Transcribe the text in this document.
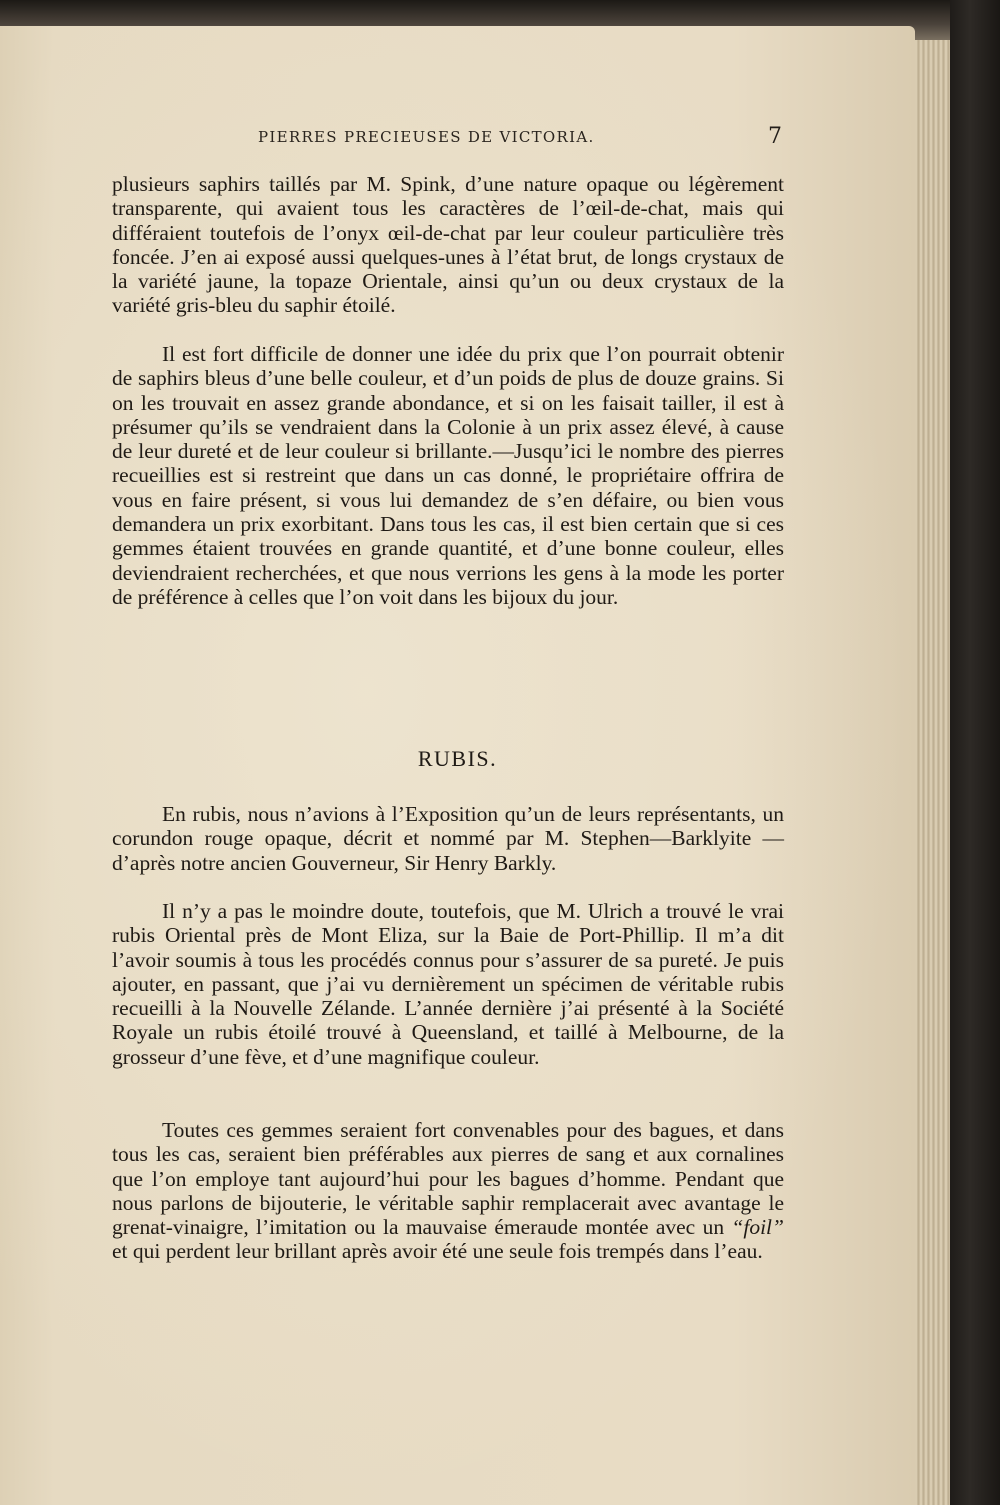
PIERRES PRECIEUSES DE VICTORIA.	7

plusieurs saphirs taillés par M. Spink, d’une nature opaque ou légèrement transparente, qui avaient tous les caractères de l’œil-de-chat, mais qui différaient toutefois de l’onyx œil-de-chat par leur couleur particulière très foncée. J’en ai exposé aussi quelques-unes à l’état brut, de longs crystaux de la variété jaune, la topaze Orientale, ainsi qu’un ou deux crystaux de la variété gris-bleu du saphir étoilé.

Il est fort difficile de donner une idée du prix que l’on pourrait obtenir de saphirs bleus d’une belle couleur, et d’un poids de plus de douze grains. Si on les trouvait en assez grande abondance, et si on les faisait tailler, il est à présumer qu’ils se vendraient dans la Colonie à un prix assez élevé, à cause de leur dureté et de leur couleur si brillante.—Jusqu’ici le nombre des pierres recueillies est si restreint que dans un cas donné, le propriétaire offrira de vous en faire présent, si vous lui demandez de s’en défaire, ou bien vous demandera un prix exorbitant. Dans tous les cas, il est bien certain que si ces gemmes étaient trouvées en grande quantité, et d’une bonne couleur, elles deviendraient recherchées, et que nous verrions les gens à la mode les porter de préférence à celles que l’on voit dans les bijoux du jour.

RUBIS.

En rubis, nous n’avions à l’Exposition qu’un de leurs représentants, un corundon rouge opaque, décrit et nommé par M. Stephen—Barklyite — d’après notre ancien Gouverneur, Sir Henry Barkly.

Il n’y a pas le moindre doute, toutefois, que M. Ulrich a trouvé le vrai rubis Oriental près de Mont Eliza, sur la Baie de Port-Phillip. Il m’a dit l’avoir soumis à tous les procédés connus pour s’assurer de sa pureté. Je puis ajouter, en passant, que j’ai vu dernièrement un spécimen de véritable rubis recueilli à la Nouvelle Zélande. L’année dernière j’ai présenté à la Société Royale un rubis étoilé trouvé à Queensland, et taillé à Melbourne, de la grosseur d’une fève, et d’une magnifique couleur.

Toutes ces gemmes seraient fort convenables pour des bagues, et dans tous les cas, seraient bien préférables aux pierres de sang et aux cornalines que l’on employe tant aujourd’hui pour les bagues d’homme. Pendant que nous parlons de bijouterie, le véritable saphir remplacerait avec avantage le grenat-vinaigre, l’imitation ou la mauvaise émeraude montée avec un “foil” et qui perdent leur brillant après avoir été une seule fois trempés dans l’eau.
